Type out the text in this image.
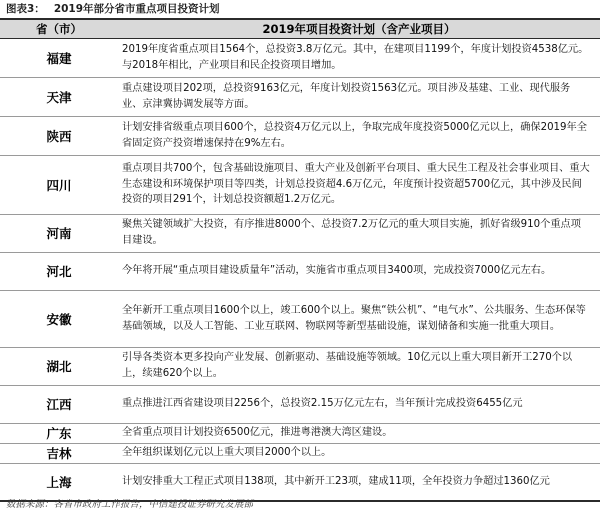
图表3： 2019年部分省市重点项目投资计划
省（市）	2019年项目投资计划（含产业项目）
福建	2019年度省重点项目1564个，总投资3.8万亿元。其中，在建项目1199个，年度计划投资4538亿元。与2018年相比，产业项目和民企投资项目增加。
天津	重点建设项目202项，总投资9163亿元，年度计划投资1563亿元。项目涉及基建、工业、现代服务业、京津冀协调发展等方面。
陕西	计划安排省级重点项目600个，总投资4万亿元以上，争取完成年度投资5000亿元以上，确保2019年全省固定资产投资增速保持在9%左右。
四川	重点项目共700个，包含基础设施项目、重大产业及创新平台项目、重大民生工程及社会事业项目、重大生态建设和环境保护项目等四类，计划总投资超4.6万亿元，年度预计投资超5700亿元，其中涉及民间投资的项目291个，计划总投资额超1.2万亿元。
河南	聚焦关键领域扩大投资，有序推进8000个、总投资7.2万亿元的重大项目实施，抓好省级910个重点项目建设。
河北	今年将开展“重点项目建设质量年”活动，实施省市重点项目3400项，完成投资7000亿元左右。
安徽	全年新开工重点项目1600个以上，竣工600个以上。聚焦“铁公机”、“电气水”、公共服务、生态环保等基础领域，以及人工智能、工业互联网、物联网等新型基础设施，谋划储备和实施一批重大项目。
湖北	引导各类资本更多投向产业发展、创新驱动、基础设施等领域。10亿元以上重大项目新开工270个以上，续建620个以上。
江西	重点推进江西省建设项目2256个，总投资2.15万亿元左右，当年预计完成投资6455亿元
广东	全省重点项目计划投资6500亿元，推进粤港澳大湾区建设。
吉林	全年组织谋划亿元以上重大项目2000个以上。
上海	计划安排重大工程正式项目138项，其中新开工23项，建成11项，全年投资力争超过1360亿元
数据来源：各省市政府工作报告，中信建投证券研究发展部
